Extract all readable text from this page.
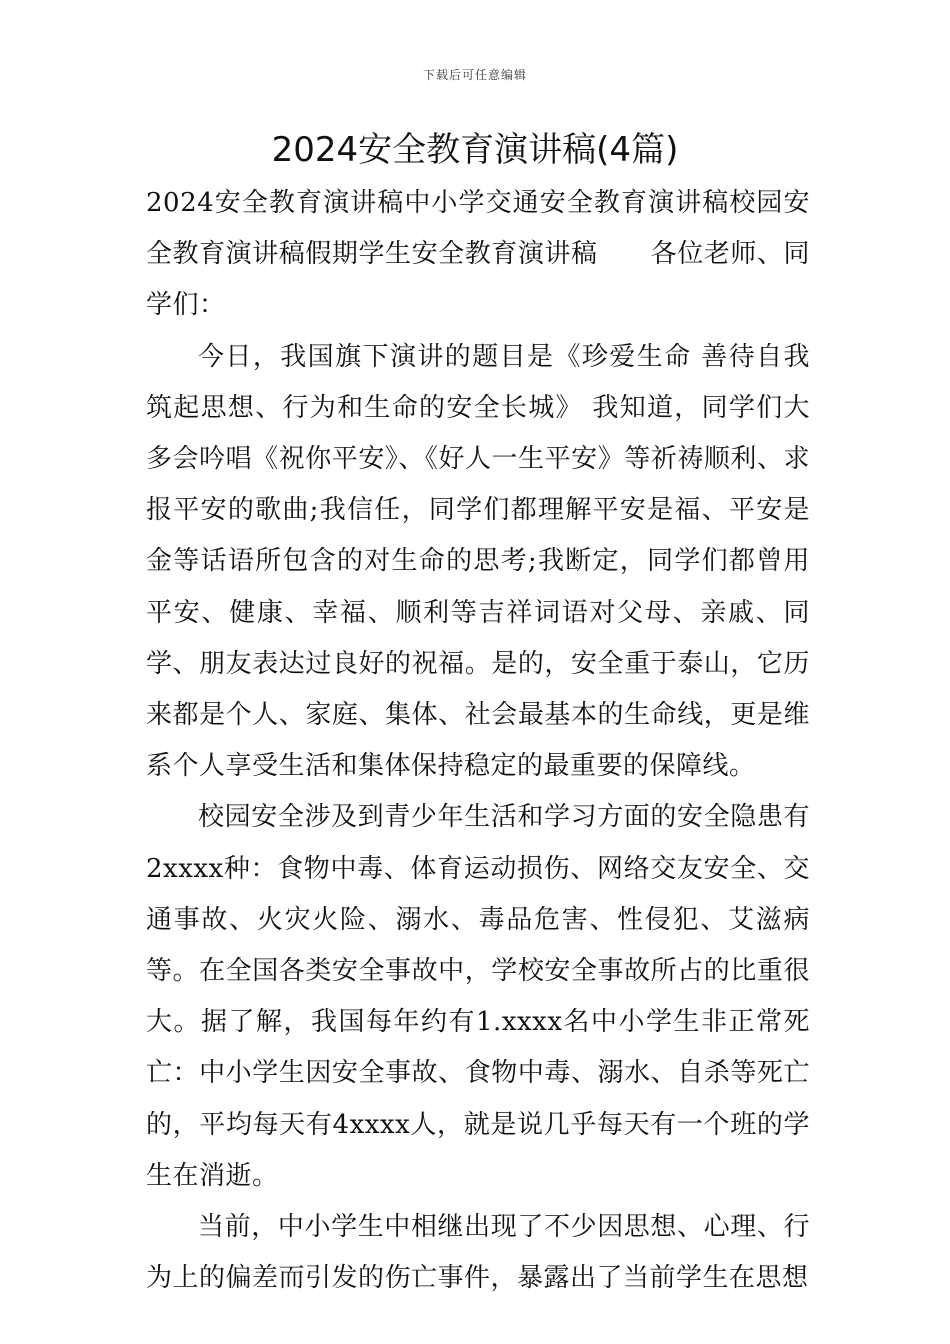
下载后可任意编辑
2024安全教育演讲稿(4篇)

2024安全教育演讲稿中小学交通安全教育演讲稿校园安全教育演讲稿假期学生安全教育演讲稿　　各位老师、同学们：

今日，我国旗下演讲的题目是《珍爱生命 善待自我 筑起思想、行为和生命的安全长城》 我知道，同学们大多会吟唱《祝你平安》、《好人一生平安》等祈祷顺利、求报平安的歌曲;我信任，同学们都理解平安是福、平安是金等话语所包含的对生命的思考;我断定，同学们都曾用平安、健康、幸福、顺利等吉祥词语对父母、亲戚、同学、朋友表达过良好的祝福。是的，安全重于泰山，它历来都是个人、家庭、集体、社会最基本的生命线，更是维系个人享受生活和集体保持稳定的最重要的保障线。

校园安全涉及到青少年生活和学习方面的安全隐患有2xxxx种：食物中毒、体育运动损伤、网络交友安全、交通事故、火灾火险、溺水、毒品危害、性侵犯、艾滋病等。在全国各类安全事故中，学校安全事故所占的比重很大。据了解，我国每年约有1.xxxx名中小学生非正常死亡：中小学生因安全事故、食物中毒、溺水、自杀等死亡的，平均每天有4xxxx人，就是说几乎每天有一个班的学生在消逝。

当前，中小学生中相继出现了不少因思想、心理、行为上的偏差而引发的伤亡事件，暴露出了当前学生在思想
